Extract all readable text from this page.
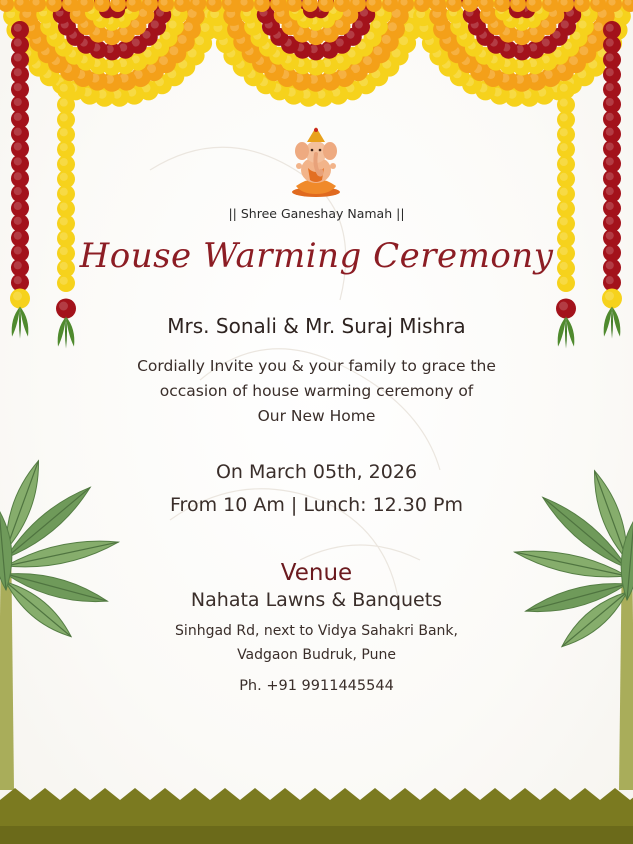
|| Shree Ganeshay Namah ||

House Warming Ceremony

Mrs. Sonali & Mr. Suraj Mishra

Cordially Invite you & your family to grace the
occasion of house warming ceremony of
Our New Home

On March 05th, 2026

From 10 Am | Lunch: 12.30 Pm

Venue

Nahata Lawns & Banquets

Sinhgad Rd, next to Vidya Sahakri Bank,

Vadgaon Budruk, Pune

Ph. +91 9911445544
